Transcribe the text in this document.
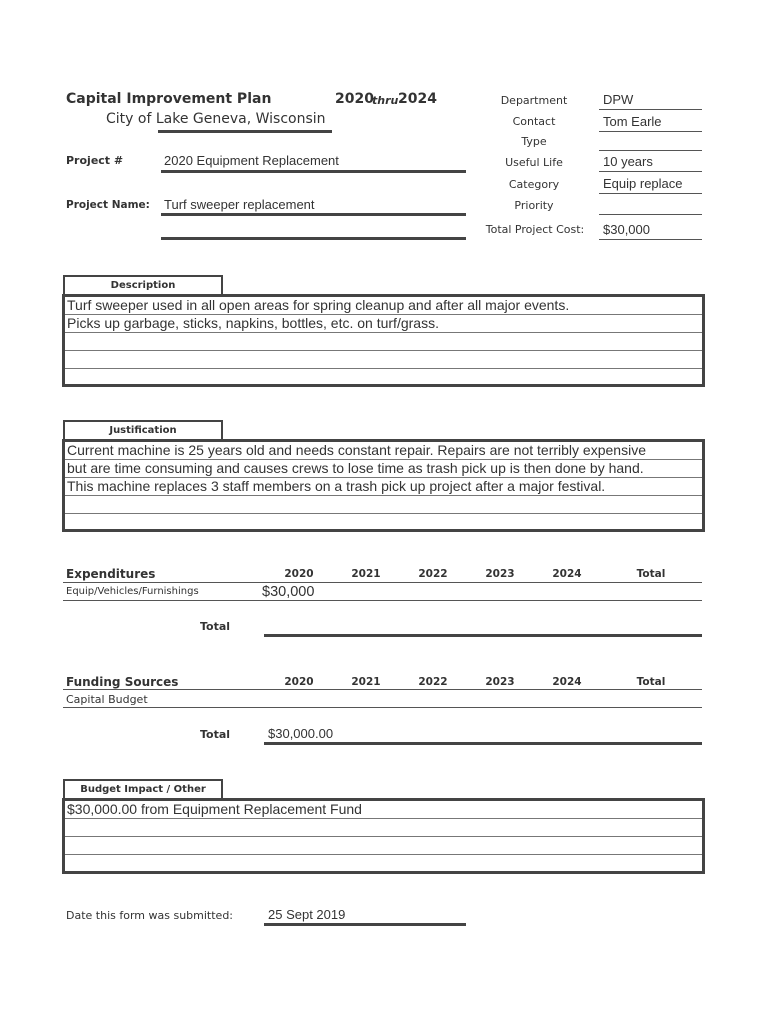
Capital Improvement Plan	2020
thru 2024
City of Lake Geneva, Wisconsin
Project #	2020 Equipment Replacement
Project Name: Turf sweeper replacement
Department	DPW
Contact	Tom Earle
Type
Useful Life	10 years
Category	Equip replace
Priority
Total Project Cost:	$30,000
Description
Turf sweeper used in all open areas for spring cleanup and after all major events.
Picks up garbage, sticks, napkins, bottles, etc. on turf/grass.
Justification
Current machine is 25 years old and needs constant repair. Repairs are not terribly expensive
but are time consuming and causes crews to lose time as trash pick up is then done by hand.
This machine replaces 3 staff members on a trash pick up project after a major festival.
Expenditures	2020	2021	2022	2023	2024	Total
Equip/Vehicles/Furnishings	$30,000
Total
Funding Sources	2020	2021	2022	2023	2024	Total
Capital Budget
Total	$30,000.00
Budget Impact / Other
$30,000.00 from Equipment Replacement Fund
Date this form was submitted:	25 Sept 2019
